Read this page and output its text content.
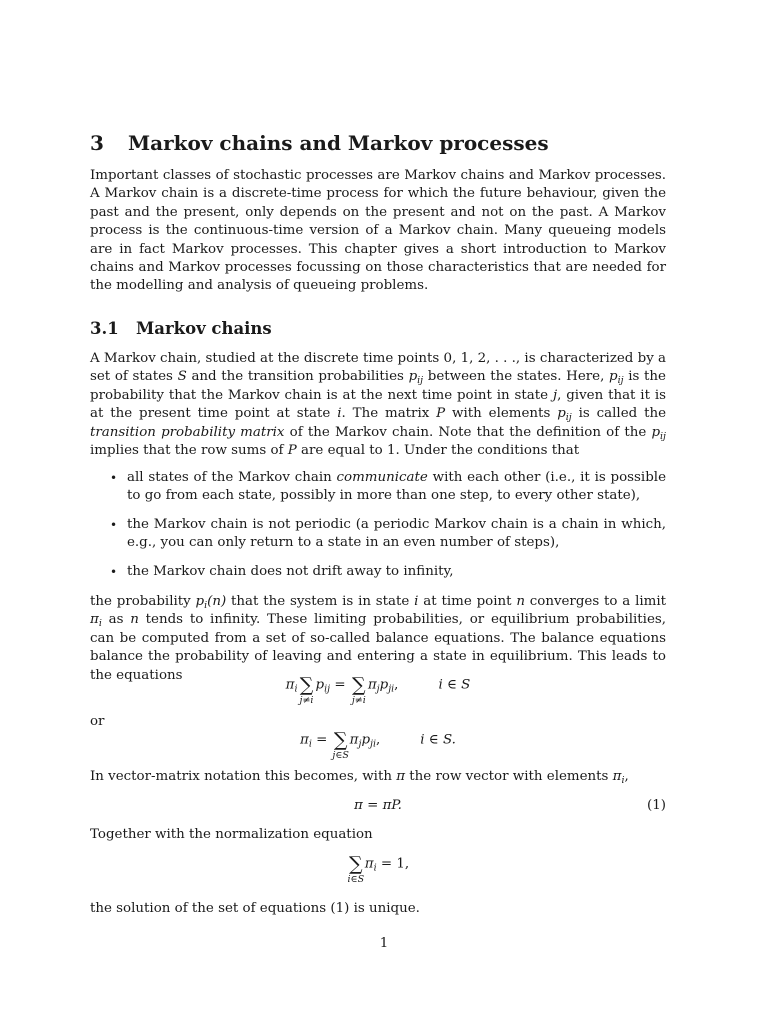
3 Markov chains and Markov processes

Important classes of stochastic processes are Markov chains and Markov processes. A Markov chain is a discrete-time process for which the future behaviour, given the past and the present, only depends on the present and not on the past. A Markov process is the continuous-time version of a Markov chain. Many queueing models are in fact Markov processes. This chapter gives a short introduction to Markov chains and Markov processes focussing on those characteristics that are needed for the modelling and analysis of queueing problems.

3.1 Markov chains

A Markov chain, studied at the discrete time points 0, 1, 2, . . ., is characterized by a set of states S and the transition probabilities $p_{ij}$ between the states. Here, $p_{ij}$ is the probability that the Markov chain is at the next time point in state j, given that it is at the present time point at state i. The matrix P with elements $p_{ij}$ is called the transition probability matrix of the Markov chain. Note that the definition of the $p_{ij}$ implies that the row sums of P are equal to 1. Under the conditions that

• all states of the Markov chain communicate with each other (i.e., it is possible to go from each state, possibly in more than one step, to every other state),
• the Markov chain is not periodic (a periodic Markov chain is a chain in which, e.g., you can only return to a state in an even number of steps),
• the Markov chain does not drift away to infinity,

the probability $p_i(n)$ that the system is in state i at time point n converges to a limit $\pi_i$ as n tends to infinity. These limiting probabilities, or equilibrium probabilities, can be computed from a set of so-called balance equations. The balance equations balance the probability of leaving and entering a state in equilibrium. This leads to the equations

$\pi_i$ ∑
j≠i
$p_{ij}$ = ∑
j≠i
$\pi_jp_{ji}$,	i ∈ S

or

$\pi_i$ = ∑
j∈S
$\pi_jp_{ji}$,	i ∈ S.

In vector-matrix notation this becomes, with π the row vector with elements $\pi_i$,

π = πP.	(1)

Together with the normalization equation

∑
i∈S
$\pi_i = 1$,

the solution of the set of equations (1) is unique.

1
